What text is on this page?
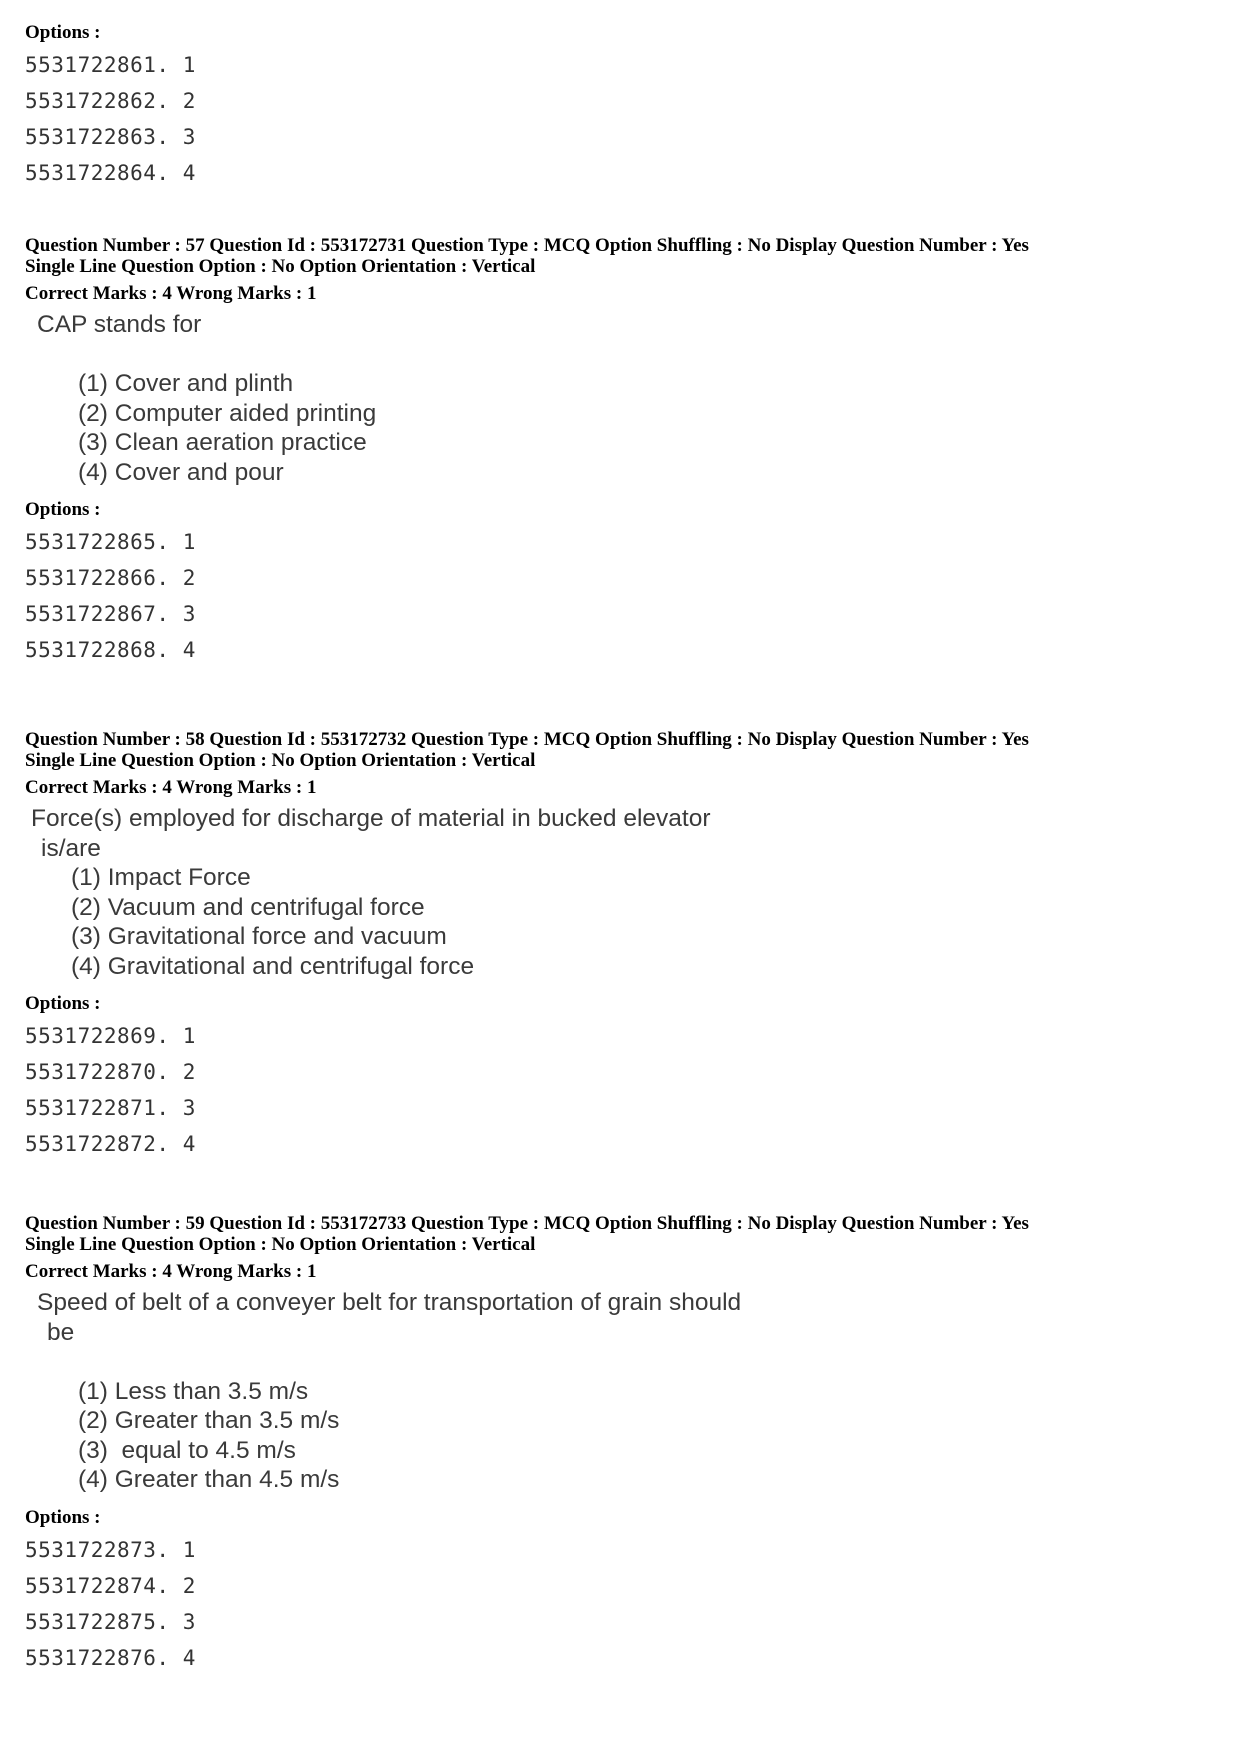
Options :
5531722861. 1
5531722862. 2
5531722863. 3
5531722864. 4
Question Number : 57 Question Id : 553172731 Question Type : MCQ Option Shuffling : No Display Question Number : Yes
Single Line Question Option : No Option Orientation : Vertical
Correct Marks : 4 Wrong Marks : 1
CAP stands for
(1) Cover and plinth
(2) Computer aided printing
(3) Clean aeration practice
(4) Cover and pour
Options :
5531722865. 1
5531722866. 2
5531722867. 3
5531722868. 4
Question Number : 58 Question Id : 553172732 Question Type : MCQ Option Shuffling : No Display Question Number : Yes
Single Line Question Option : No Option Orientation : Vertical
Correct Marks : 4 Wrong Marks : 1
Force(s) employed for discharge of material in bucked elevator
is/are
(1) Impact Force
(2) Vacuum and centrifugal force
(3) Gravitational force and vacuum
(4) Gravitational and centrifugal force
Options :
5531722869. 1
5531722870. 2
5531722871. 3
5531722872. 4
Question Number : 59 Question Id : 553172733 Question Type : MCQ Option Shuffling : No Display Question Number : Yes
Single Line Question Option : No Option Orientation : Vertical
Correct Marks : 4 Wrong Marks : 1
Speed of belt of a conveyer belt for transportation of grain should
be
(1) Less than 3.5 m/s
(2) Greater than 3.5 m/s
(3)  equal to 4.5 m/s
(4) Greater than 4.5 m/s
Options :
5531722873. 1
5531722874. 2
5531722875. 3
5531722876. 4
